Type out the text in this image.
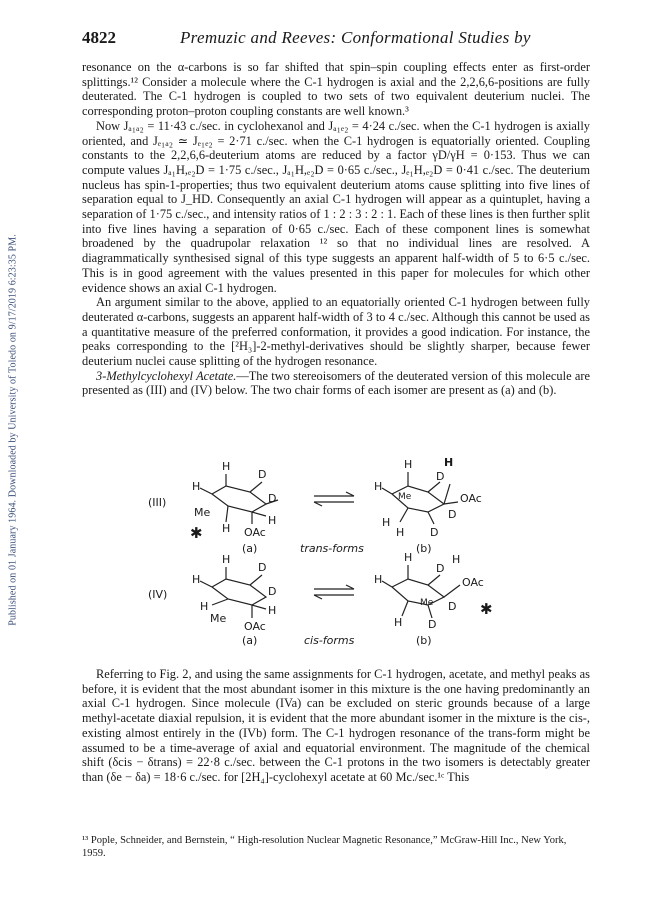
Published on 01 January 1964. Downloaded by University of Toledo on 9/17/2019 6:23:35 PM.
4822	Premuzic and Reeves: Conformational Studies by

resonance on the α-carbons is so far shifted that spin–spin coupling effects enter as first-order splittings.¹² Consider a molecule where the C-1 hydrogen is axial and the 2,2,6,6-positions are fully deuterated. The C-1 hydrogen is coupled to two sets of two equivalent deuterium nuclei. The corresponding proton–proton coupling constants are well known.³

Now Jₐ₁ₐ₂ = 11·43 c./sec. in cyclohexanol and Jₐ₁ₑ₂ = 4·24 c./sec. when the C-1 hydrogen is axially oriented, and Jₑ₁ₐ₂ ≃ Jₑ₁ₑ₂ = 2·71 c./sec. when the C-1 hydrogen is equatorially oriented. Coupling constants to the 2,2,6,6-deuterium atoms are reduced by a factor γD/γH = 0·153. Thus we can compute values Jₐ₁H,ₑ₂D = 1·75 c./sec., Jₐ₁H,ₑ₂D = 0·65 c./sec., Jₑ₁H,ₑ₂D = 0·41 c./sec. The deuterium nucleus has spin-1-properties; thus two equivalent deuterium atoms cause splitting into five lines of separation equal to J_HD. Consequently an axial C-1 hydrogen will appear as a quintuplet, having a separation of 1·75 c./sec., and intensity ratios of 1 : 2 : 3 : 2 : 1. Each of these lines is then further split into five lines having a separation of 0·65 c./sec. Each of these component lines is somewhat broadened by the quadrupolar relaxation ¹² so that no individual lines are resolved. A diagrammatically synthesised signal of this type suggests an apparent half-width of 5 to 6·5 c./sec. This is in good agreement with the values presented in this paper for molecules for which other evidence shows an axial C-1 hydrogen.

An argument similar to the above, applied to an equatorially oriented C-1 hydrogen between fully deuterated α-carbons, suggests an apparent half-width of 3 to 4 c./sec. Although this cannot be used as a quantitative measure of the preferred conformation, it provides a good indication. For instance, the peaks corresponding to the [²H₃]-2-methyl-derivatives should be slightly sharper, because fewer deuterium nuclei cause splitting of the hydrogen resonance.

3-Methylcyclohexyl Acetate.—The two stereoisomers of the deuterated version of this molecule are presented as (III) and (IV) below. The two chair forms of each isomer are present as (a) and (b).

(III)
(IV)
(a)	(b)
(a)	(b)
trans-forms
cis-forms
H
D
H
D
Me
H
H OAc
✱
H	H
D
OAc
H
Me
D
H
H D
H
D
H
D
H	H
Me
OAc
H	H
D
OAc
H
D
Me
H D
✱

Referring to Fig. 2, and using the same assignments for C-1 hydrogen, acetate, and methyl peaks as before, it is evident that the most abundant isomer in this mixture is the one having predominantly an axial C-1 hydrogen. Since molecule (IVa) can be excluded on steric grounds because of a large methyl-acetate diaxial repulsion, it is evident that the more abundant isomer in the mixture is the cis-, existing almost entirely in the (IVb) form. The C-1 hydrogen resonance of the trans-form might be assumed to be a time-average of axial and equatorial environment. The magnitude of the chemical shift (δcis − δtrans) = 22·8 c./sec. between the C-1 protons in the two isomers is detectably greater than (δe − δa) = 18·6 c./sec. for [2H₄]-cyclohexyl acetate at 60 Mc./sec.¹ᶜ This

¹³ Pople, Schneider, and Bernstein, “ High-resolution Nuclear Magnetic Resonance,” McGraw-Hill Inc., New York, 1959.
